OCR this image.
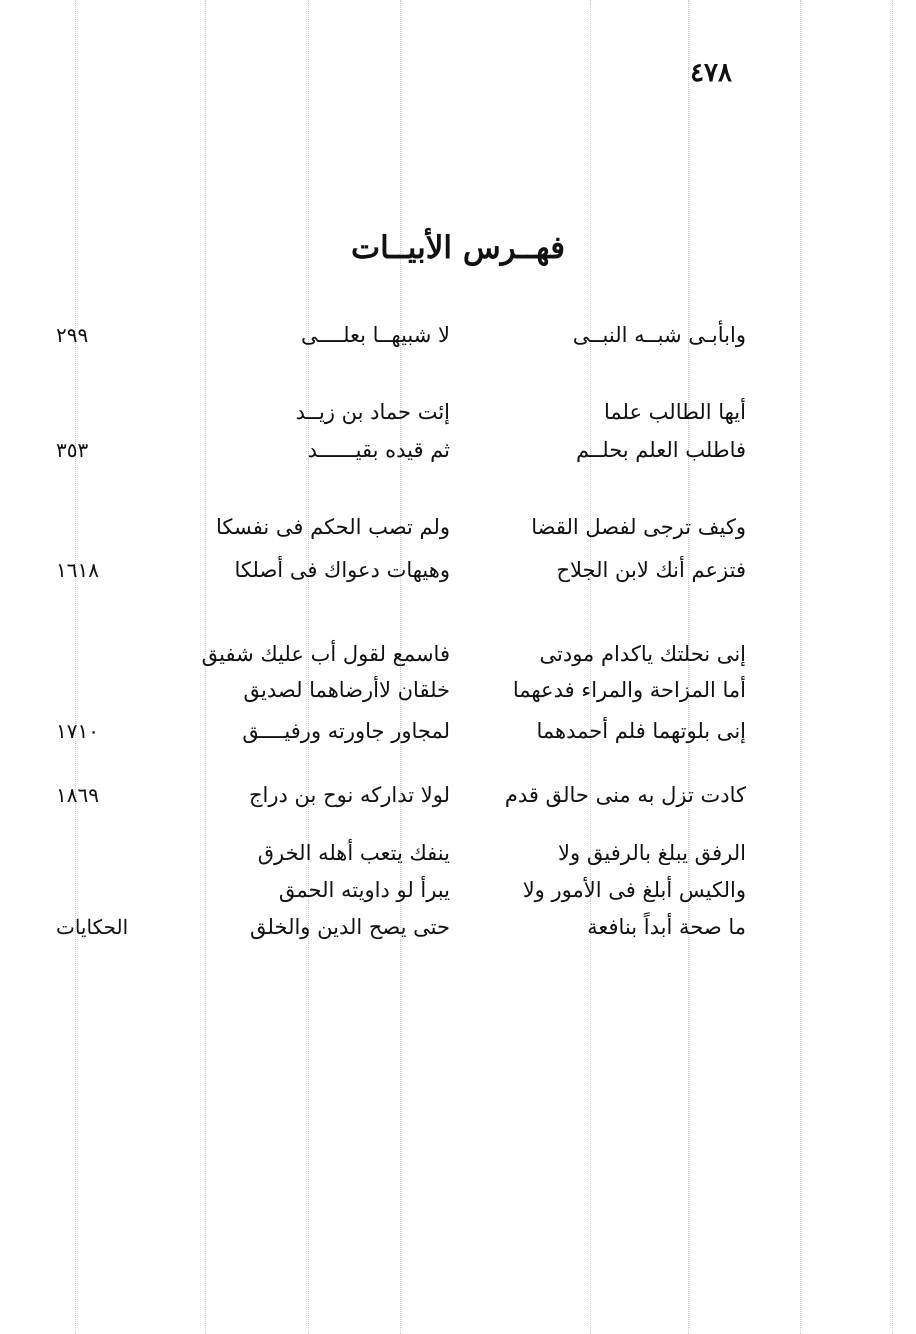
٤٧٨
فهــرس الأبيــات
وابأبـى شبــه النبــى
لا شبيهــا بعلــــى
٢٩٩
أيها الطالب علما
إئت حماد بن زيــد
فاطلب العلم بحلــم
ثم قيده بقيــــــد
٣٥٣
وكيف ترجى لفصل القضا
ولم تصب الحكم فى نفسكا
فتزعم أنك لابن الجلاح
وهيهات دعواك فى أصلكا
١٦١٨
إنى نحلتك ياكدام مودتى
فاسمع لقول أب عليك شفيق
أما المزاحة والمراء فدعهما
خلقان لاأرضاهما لصديق
إنى بلوتهما فلم أحمدهما
لمجاور جاورته ورفيــــق
١٧١٠
كادت تزل به منى حالق قدم
لولا تداركه نوح بن دراج
١٨٦٩
الرفق يبلغ بالرفيق ولا
ينفك يتعب أهله الخرق
والكيس أبلغ فى الأمور ولا
يبرأ لو داويته الحمق
ما صحة أبداً بنافعة
حتى يصح الدين والخلق
الحكايات
